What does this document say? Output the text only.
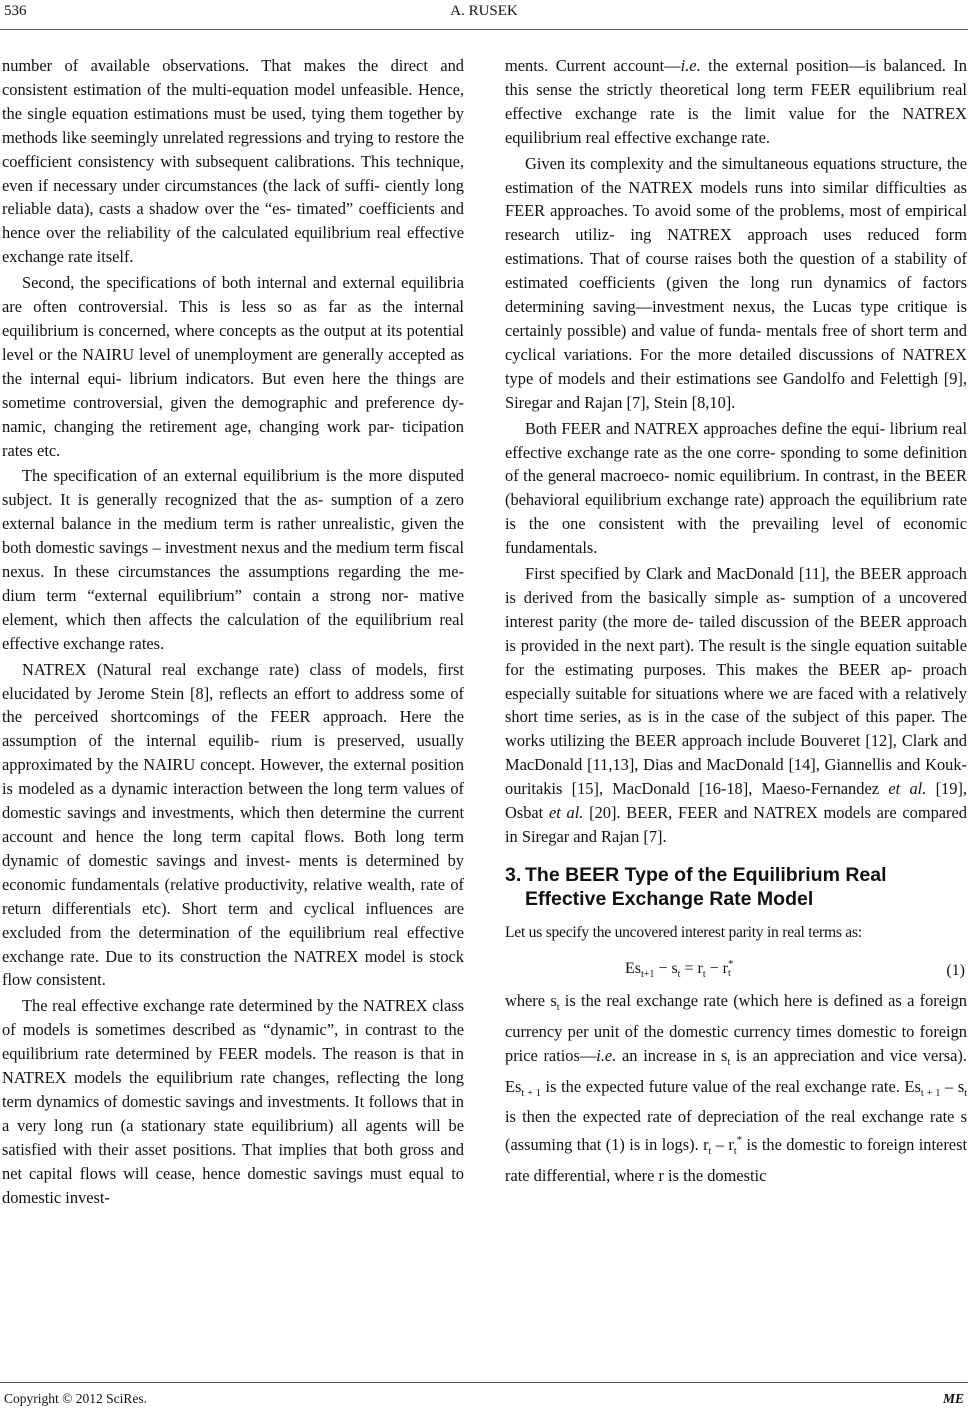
536	A. RUSEK

number of available observations. That makes the direct and consistent estimation of the multi-equation model unfeasible. Hence, the single equation estimations must be used, tying them together by methods like seemingly unrelated regressions and trying to restore the coefficient consistency with subsequent calibrations. This technique, even if necessary under circumstances (the lack of suffi- ciently long reliable data), casts a shadow over the “es- timated” coefficients and hence over the reliability of the calculated equilibrium real effective exchange rate itself.

Second, the specifications of both internal and external equilibria are often controversial. This is less so as far as the internal equilibrium is concerned, where concepts as the output at its potential level or the NAIRU level of unemployment are generally accepted as the internal equi- librium indicators. But even here the things are sometime controversial, given the demographic and preference dy- namic, changing the retirement age, changing work par- ticipation rates etc.

The specification of an external equilibrium is the more disputed subject. It is generally recognized that the as- sumption of a zero external balance in the medium term is rather unrealistic, given the both domestic savings – investment nexus and the medium term fiscal nexus. In these circumstances the assumptions regarding the me- dium term “external equilibrium” contain a strong nor- mative element, which then affects the calculation of the equilibrium real effective exchange rates.

NATREX (Natural real exchange rate) class of models, first elucidated by Jerome Stein [8], reflects an effort to address some of the perceived shortcomings of the FEER approach. Here the assumption of the internal equilib- rium is preserved, usually approximated by the NAIRU concept. However, the external position is modeled as a dynamic interaction between the long term values of domestic savings and investments, which then determine the current account and hence the long term capital flows. Both long term dynamic of domestic savings and invest- ments is determined by economic fundamentals (relative productivity, relative wealth, rate of return differentials etc). Short term and cyclical influences are excluded from the determination of the equilibrium real effective exchange rate. Due to its construction the NATREX model is stock flow consistent.

The real effective exchange rate determined by the NATREX class of models is sometimes described as “dynamic”, in contrast to the equilibrium rate determined by FEER models. The reason is that in NATREX models the equilibrium rate changes, reflecting the long term dynamics of domestic savings and investments. It follows that in a very long run (a stationary state equilibrium) all agents will be satisfied with their asset positions. That implies that both gross and net capital flows will cease, hence domestic savings must equal to domestic invest-

ments. Current account—i.e. the external position—is balanced. In this sense the strictly theoretical long term FEER equilibrium real effective exchange rate is the limit value for the NATREX equilibrium real effective exchange rate.

Given its complexity and the simultaneous equations structure, the estimation of the NATREX models runs into similar difficulties as FEER approaches. To avoid some of the problems, most of empirical research utiliz- ing NATREX approach uses reduced form estimations. That of course raises both the question of a stability of estimated coefficients (given the long run dynamics of factors determining saving—investment nexus, the Lucas type critique is certainly possible) and value of funda- mentals free of short term and cyclical variations. For the more detailed discussions of NATREX type of models and their estimations see Gandolfo and Felettigh [9], Siregar and Rajan [7], Stein [8,10].

Both FEER and NATREX approaches define the equi- librium real effective exchange rate as the one corre- sponding to some definition of the general macroeco- nomic equilibrium. In contrast, in the BEER (behavioral equilibrium exchange rate) approach the equilibrium rate is the one consistent with the prevailing level of economic fundamentals.

First specified by Clark and MacDonald [11], the BEER approach is derived from the basically simple as- sumption of a uncovered interest parity (the more de- tailed discussion of the BEER approach is provided in the next part). The result is the single equation suitable for the estimating purposes. This makes the BEER ap- proach especially suitable for situations where we are faced with a relatively short time series, as is in the case of the subject of this paper. The works utilizing the BEER approach include Bouveret [12], Clark and MacDonald [11,13], Dias and MacDonald [14], Giannellis and Kouk- ouritakis [15], MacDonald [16-18], Maeso-Fernandez et al. [19], Osbat et al. [20]. BEER, FEER and NATREX models are compared in Siregar and Rajan [7].

3. The BEER Type of the Equilibrium Real
Effective Exchange Rate Model

Let us specify the uncovered interest parity in real terms as:

$Es_{t+1} - s_t = r_t - r$ *
t	(1)

where $s_t$ is the real exchange rate (which here is defined as a foreign currency per unit of the domestic currency times domestic to foreign price ratios—i.e. an increase in $s_t$ is an appreciation and vice versa). $Es_{t + 1}$ is the expected future value of the real exchange rate. $Es_{t + 1} - s_t$ is then the expected rate of depreciation of the real exchange rate s (assuming that (1) is in logs). $r_t - r_t^*$ is the domestic to foreign interest rate differential, where r is the domestic

Copyright © 2012 SciRes.	ME
